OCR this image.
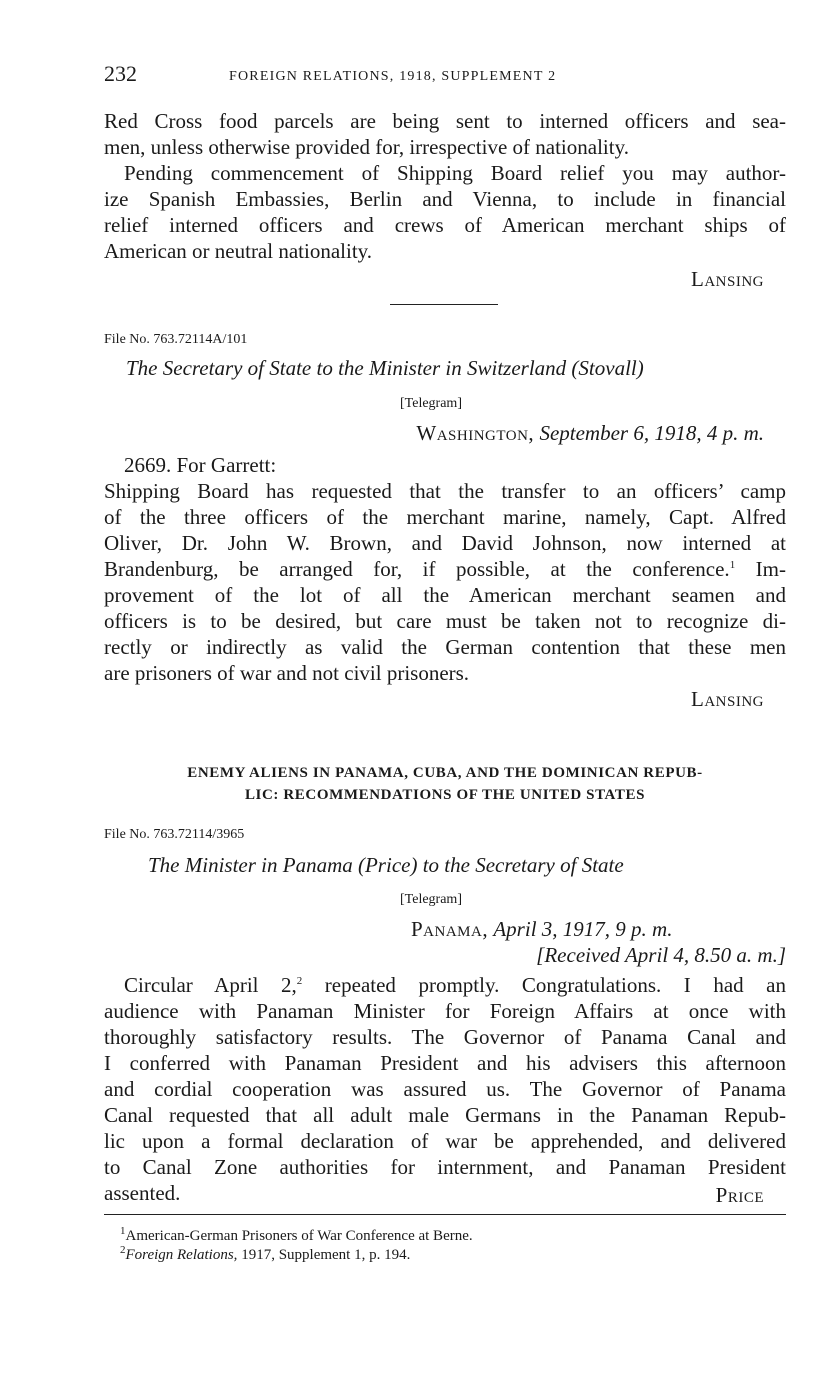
232	FOREIGN RELATIONS, 1918, SUPPLEMENT 2
Red Cross food parcels are being sent to interned officers and sea-
men, unless otherwise provided for, irrespective of nationality.
Pending commencement of Shipping Board relief you may author-
ize Spanish Embassies, Berlin and Vienna, to include in financial
relief interned officers and crews of American merchant ships of
American or neutral nationality.
Lansing
File No. 763.72114A/101
The Secretary of State to the Minister in Switzerland (Stovall)
[Telegram]
Washington, September 6, 1918, 4 p. m.
2669. For Garrett:
Shipping Board has requested that the transfer to an officers’ camp
of the three officers of the merchant marine, namely, Capt. Alfred
Oliver, Dr. John W. Brown, and David Johnson, now interned at
Brandenburg, be arranged for, if possible, at the conference.$^1$ Im-
provement of the lot of all the American merchant seamen and
officers is to be desired, but care must be taken not to recognize di-
rectly or indirectly as valid the German contention that these men
are prisoners of war and not civil prisoners.
Lansing
ENEMY ALIENS IN PANAMA, CUBA, AND THE DOMINICAN REPUB-
LIC: RECOMMENDATIONS OF THE UNITED STATES
File No. 763.72114/3965
The Minister in Panama (Price) to the Secretary of State
[Telegram]
Panama, April 3, 1917, 9 p. m.
[Received April 4, 8.50 a. m.]
Circular April 2,$^2$ repeated promptly. Congratulations. I had an
audience with Panaman Minister for Foreign Affairs at once with
thoroughly satisfactory results. The Governor of Panama Canal and
I conferred with Panaman President and his advisers this afternoon
and cordial cooperation was assured us. The Governor of Panama
Canal requested that all adult male Germans in the Panaman Repub-
lic upon a formal declaration of war be apprehended, and delivered
to Canal Zone authorities for internment, and Panaman President
assented.	Price
$^1$American-German Prisoners of War Conference at Berne.
$^2$Foreign Relations, 1917, Supplement 1, p. 194.
